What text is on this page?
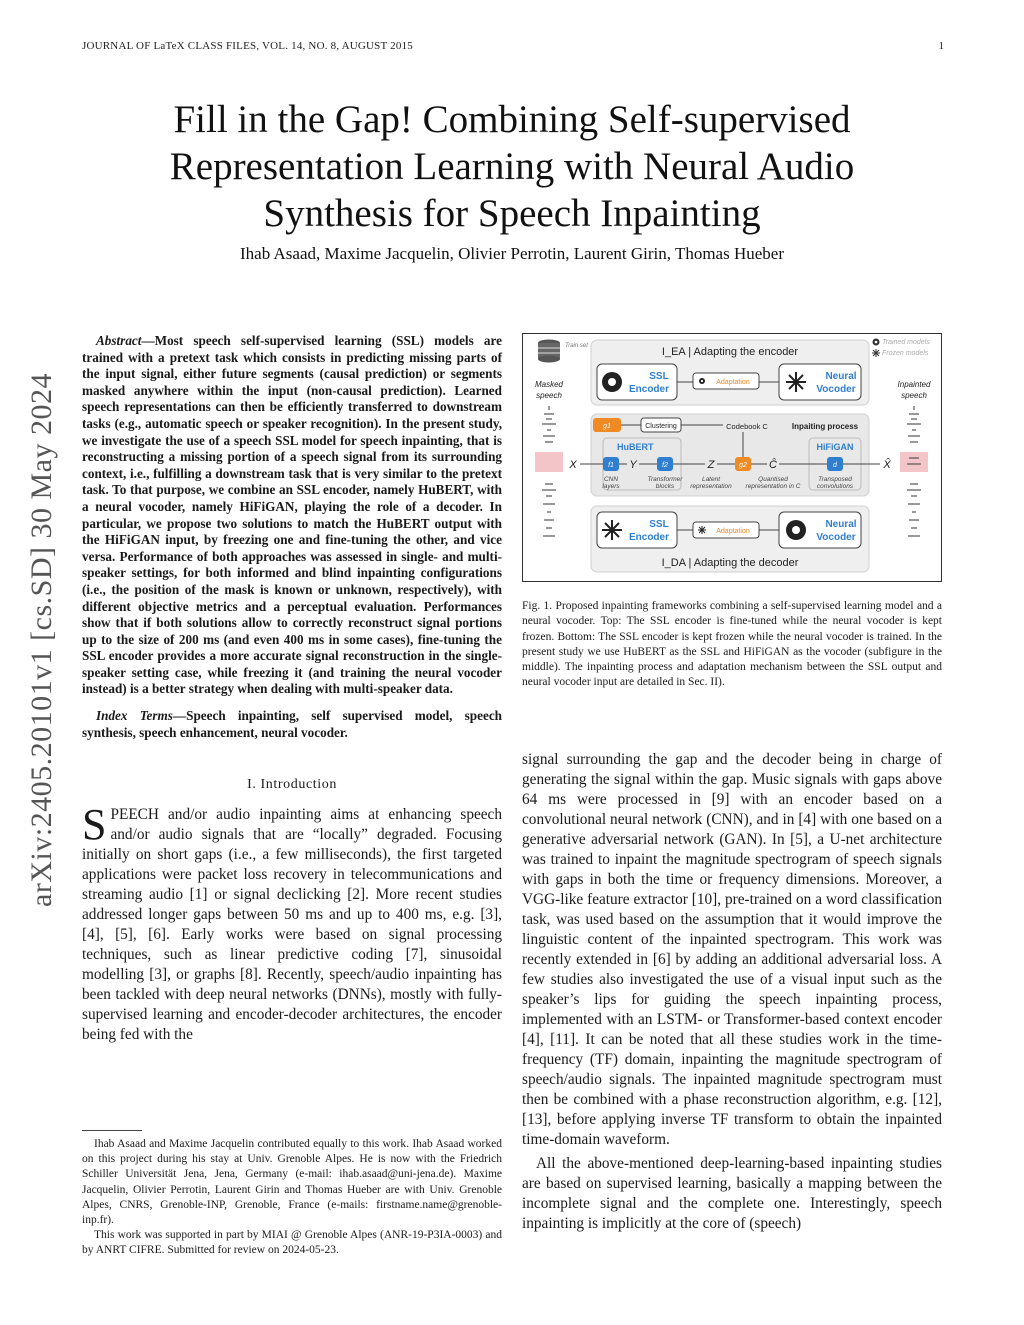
JOURNAL OF LaTeX CLASS FILES, VOL. 14, NO. 8, AUGUST 2015	1
Fill in the Gap! Combining Self-supervised Representation Learning with Neural Audio Synthesis for Speech Inpainting
Ihab Asaad, Maxime Jacquelin, Olivier Perrotin, Laurent Girin, Thomas Hueber
arXiv:2405.20101v1 [cs.SD] 30 May 2024

Abstract—Most speech self-supervised learning (SSL) models are trained with a pretext task which consists in predicting missing parts of the input signal, either future segments (causal prediction) or segments masked anywhere within the input (non-causal prediction). Learned speech representations can then be efficiently transferred to downstream tasks (e.g., automatic speech or speaker recognition). In the present study, we investigate the use of a speech SSL model for speech inpainting, that is reconstructing a missing portion of a speech signal from its surrounding context, i.e., fulfilling a downstream task that is very similar to the pretext task. To that purpose, we combine an SSL encoder, namely HuBERT, with a neural vocoder, namely HiFiGAN, playing the role of a decoder. In particular, we propose two solutions to match the HuBERT output with the HiFiGAN input, by freezing one and fine-tuning the other, and vice versa. Performance of both approaches was assessed in single- and multi-speaker settings, for both informed and blind inpainting configurations (i.e., the position of the mask is known or unknown, respectively), with different objective metrics and a perceptual evaluation. Performances show that if both solutions allow to correctly reconstruct signal portions up to the size of 200 ms (and even 400 ms in some cases), fine-tuning the SSL encoder provides a more accurate signal reconstruction in the single-speaker setting case, while freezing it (and training the neural vocoder instead) is a better strategy when dealing with multi-speaker data.

Index Terms—Speech inpainting, self supervised model, speech synthesis, speech enhancement, neural vocoder.

I. Introduction

SPEECH and/or audio inpainting aims at enhancing speech and/or audio signals that are “locally” degraded. Focusing initially on short gaps (i.e., a few milliseconds), the first targeted applications were packet loss recovery in telecommunications and streaming audio [1] or signal declicking [2]. More recent studies addressed longer gaps between 50 ms and up to 400 ms, e.g. [3], [4], [5], [6]. Early works were based on signal processing techniques, such as linear predictive coding [7], sinusoidal modelling [3], or graphs [8]. Recently, speech/audio inpainting has been tackled with deep neural networks (DNNs), mostly with fully-supervised learning and encoder-decoder architectures, the encoder being fed with the

Ihab Asaad and Maxime Jacquelin contributed equally to this work. Ihab Asaad worked on this project during his stay at Univ. Grenoble Alpes. He is now with the Friedrich Schiller Universität Jena, Jena, Germany (e-mail: ihab.asaad@uni-jena.de). Maxime Jacquelin, Olivier Perrotin, Laurent Girin and Thomas Hueber are with Univ. Grenoble Alpes, CNRS, Grenoble-INP, Grenoble, France (e-mails: firstname.name@grenoble-inp.fr).

This work was supported in part by MIAI @ Grenoble Alpes (ANR-19-P3IA-0003) and by ANRT CIFRE. Submitted for review on 2024-05-23.

Train set
Masked
speech
Trained models
Frozen models
Inpainted
speech
I_EA | Adapting the encoder
SSL
Encoder
Adaptation
Neural
Vocoder
g1	Clustering	Codebook C	Inpaiting process
HuBERT	HiFiGAN
X	f1 Y	f2	Z	g2 Ĉ	d	X̂
CNN
layers
Transformer
blocks
Latent
representation
Quantised
representation in C
Transposed
convolutions
SSL
Encoder
Adaptation
Neural
Vocoder
I_DA | Adapting the decoder
Fig. 1. Proposed inpainting frameworks combining a self-supervised learning model and a neural vocoder. Top: The SSL encoder is fine-tuned while the neural vocoder is kept frozen. Bottom: The SSL encoder is kept frozen while the neural vocoder is trained. In the present study we use HuBERT as the SSL and HiFiGAN as the vocoder (subfigure in the middle). The inpainting process and adaptation mechanism between the SSL output and neural vocoder input are detailed in Sec. II).

signal surrounding the gap and the decoder being in charge of generating the signal within the gap. Music signals with gaps above 64 ms were processed in [9] with an encoder based on a convolutional neural network (CNN), and in [4] with one based on a generative adversarial network (GAN). In [5], a U-net architecture was trained to inpaint the magnitude spectrogram of speech signals with gaps in both the time or frequency dimensions. Moreover, a VGG-like feature extractor [10], pre-trained on a word classification task, was used based on the assumption that it would improve the linguistic content of the inpainted spectrogram. This work was recently extended in [6] by adding an additional adversarial loss. A few studies also investigated the use of a visual input such as the speaker’s lips for guiding the speech inpainting process, implemented with an LSTM- or Transformer-based context encoder [4], [11]. It can be noted that all these studies work in the time-frequency (TF) domain, inpainting the magnitude spectrogram of speech/audio signals. The inpainted magnitude spectrogram must then be combined with a phase reconstruction algorithm, e.g. [12], [13], before applying inverse TF transform to obtain the inpainted time-domain waveform.

All the above-mentioned deep-learning-based inpainting studies are based on supervised learning, basically a mapping between the incomplete signal and the complete one. Interestingly, speech inpainting is implicitly at the core of (speech)
